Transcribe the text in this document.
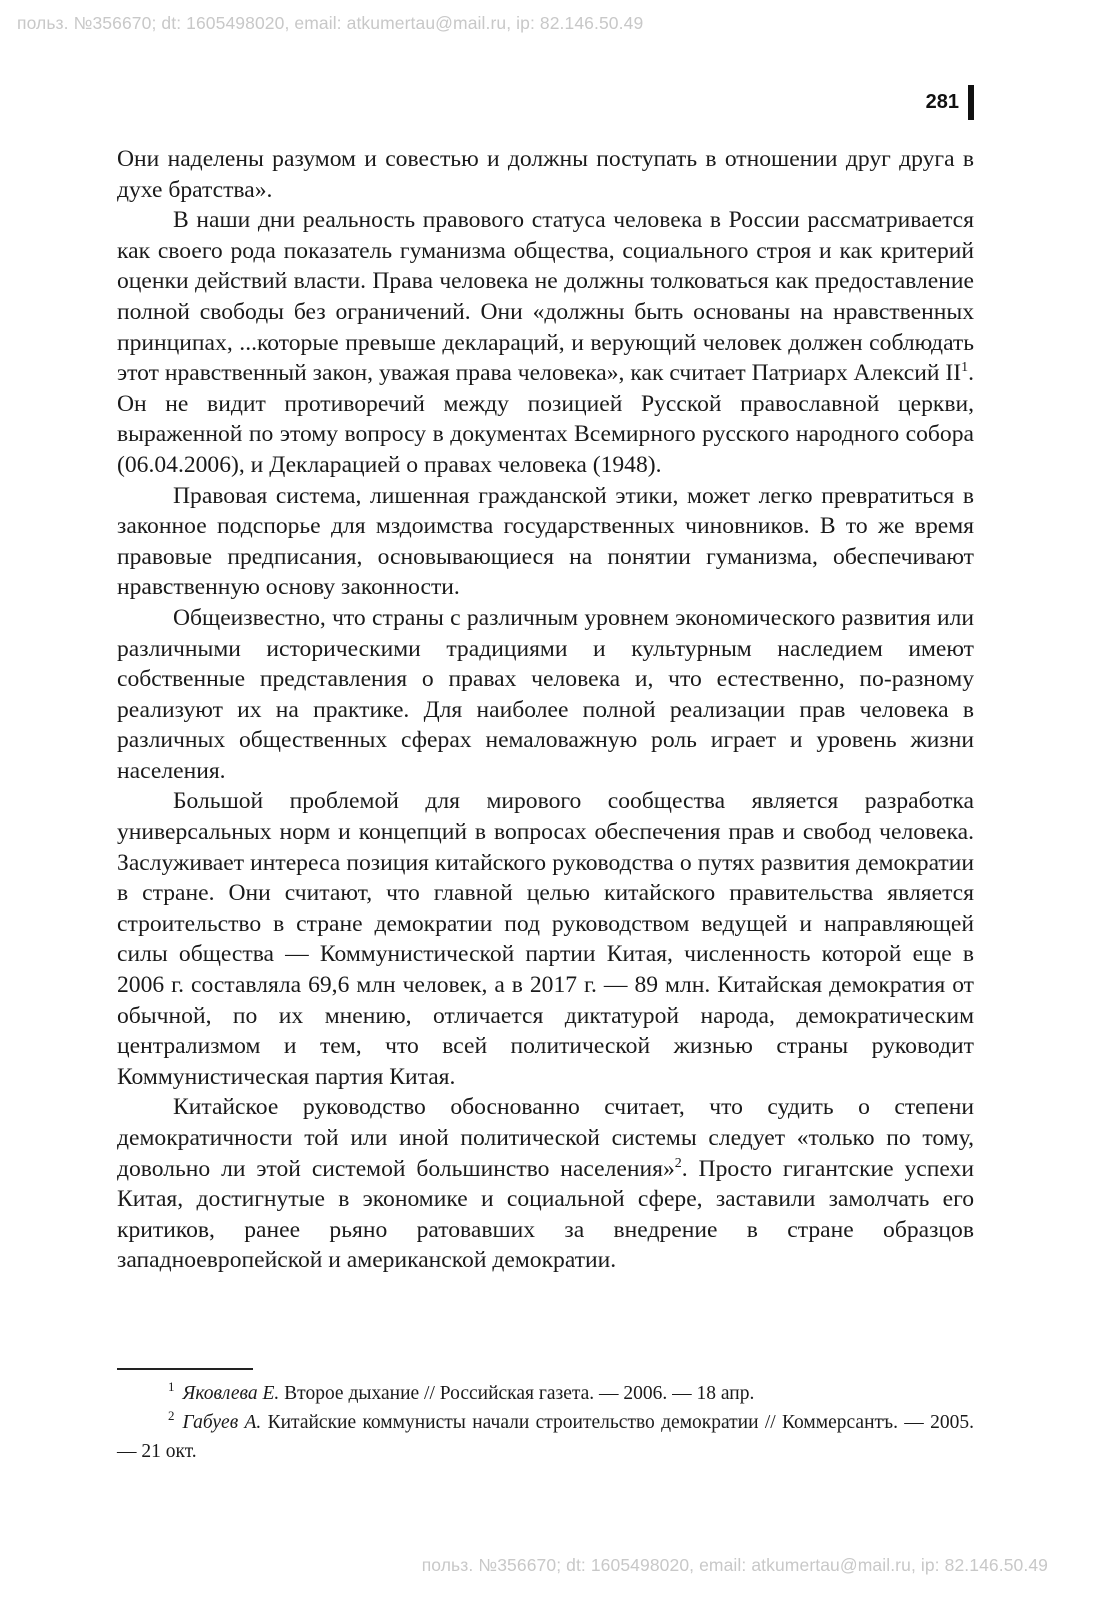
польз. №356670; dt: 1605498020, email: atkumertau@mail.ru, ip: 82.146.50.49
281

Они наделены разумом и совестью и должны поступать в отношении друг друга в духе братства».

В наши дни реальность правового статуса человека в России рассматривается как своего рода показатель гуманизма общества, социального строя и как критерий оценки действий власти. Права человека не должны толковаться как предоставление полной свободы без ограничений. Они «должны быть основаны на нравственных принципах, ...которые превыше деклараций, и верующий человек должен соблюдать этот нравственный закон, уважая права человека», как считает Патриарх Алексий $II^1$. Он не видит противоречий между позицией Русской православной церкви, выраженной по этому вопросу в документах Всемирного русского народного собора (06.04.2006), и Декларацией о правах человека (1948).

Правовая система, лишенная гражданской этики, может легко превратиться в законное подспорье для мздоимства государственных чиновников. В то же время правовые предписания, основывающиеся на понятии гуманизма, обеспечивают нравственную основу законности.

Общеизвестно, что страны с различным уровнем экономического развития или различными историческими традициями и культурным наследием имеют собственные представления о правах человека и, что естественно, по-разному реализуют их на практике. Для наиболее полной реализации прав человека в различных общественных сферах немаловажную роль играет и уровень жизни населения.

Большой проблемой для мирового сообщества является разработка универсальных норм и концепций в вопросах обеспечения прав и свобод человека. Заслуживает интереса позиция китайского руководства о путях развития демократии в стране. Они считают, что главной целью китайского правительства является строительство в стране демократии под руководством ведущей и направляющей силы общества — Коммунистической партии Китая, численность которой еще в 2006 г. составляла 69,6 млн человек, а в 2017 г. — 89 млн. Китайская демократия от обычной, по их мнению, отличается диктатурой народа, демократическим централизмом и тем, что всей политической жизнью страны руководит Коммунистическая партия Китая.

Китайское руководство обоснованно считает, что судить о степени демократичности той или иной политической системы следует «только по тому, довольно ли этой системой большинство населения»$^2$. Просто гигантские успехи Китая, достигнутые в экономике и социальной сфере, заставили замолчать его критиков, ранее рьяно ратовавших за внедрение в стране образцов западноевропейской и американской демократии.

$^1$ Яковлева Е. Второе дыхание // Российская газета. — 2006. — 18 апр.

$^2$ Габуев А. Китайские коммунисты начали строительство демократии // Коммерсантъ. — 2005. — 21 окт.

польз. №356670; dt: 1605498020, email: atkumertau@mail.ru, ip: 82.146.50.49
